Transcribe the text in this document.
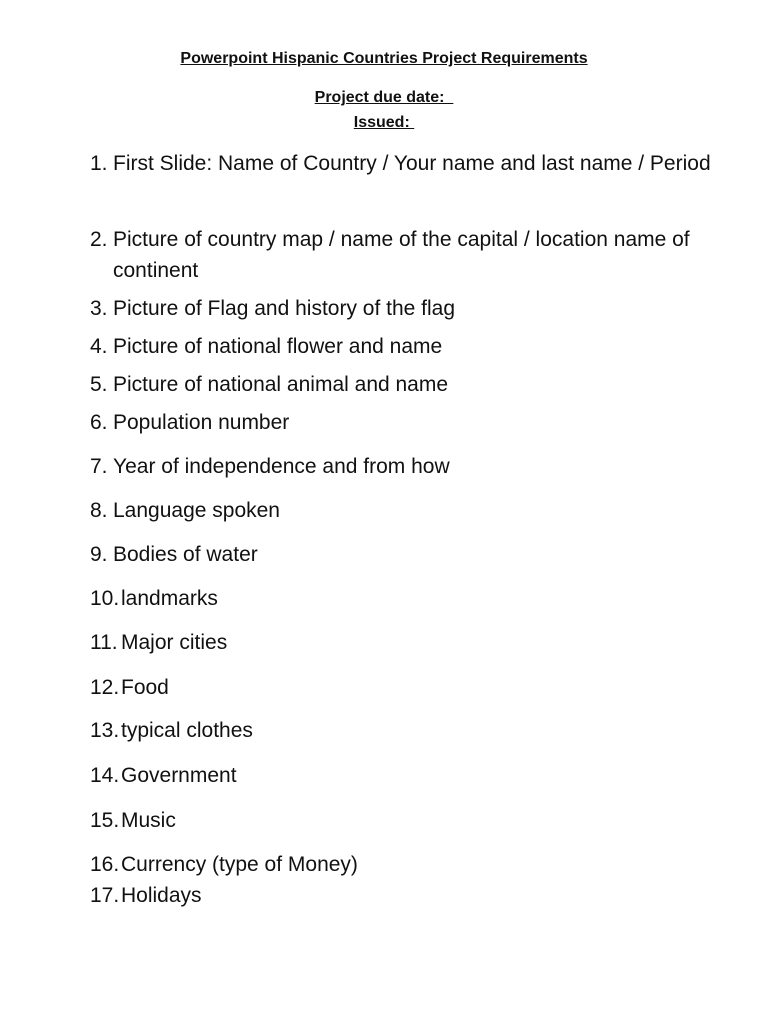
Powerpoint Hispanic Countries Project Requirements
Project due date:
Issued:
1. First Slide: Name of Country / Your name and last name / Period
2. Picture of country map / name of the capital / location name of continent
3. Picture of Flag and history of the flag
4. Picture of national flower and name
5. Picture of national animal and name
6. Population number
7. Year of independence and from how
8. Language spoken
9. Bodies of water
10. landmarks
11. Major cities
12. Food
13. typical clothes
14. Government
15. Music
16. Currency (type of Money)
17. Holidays
